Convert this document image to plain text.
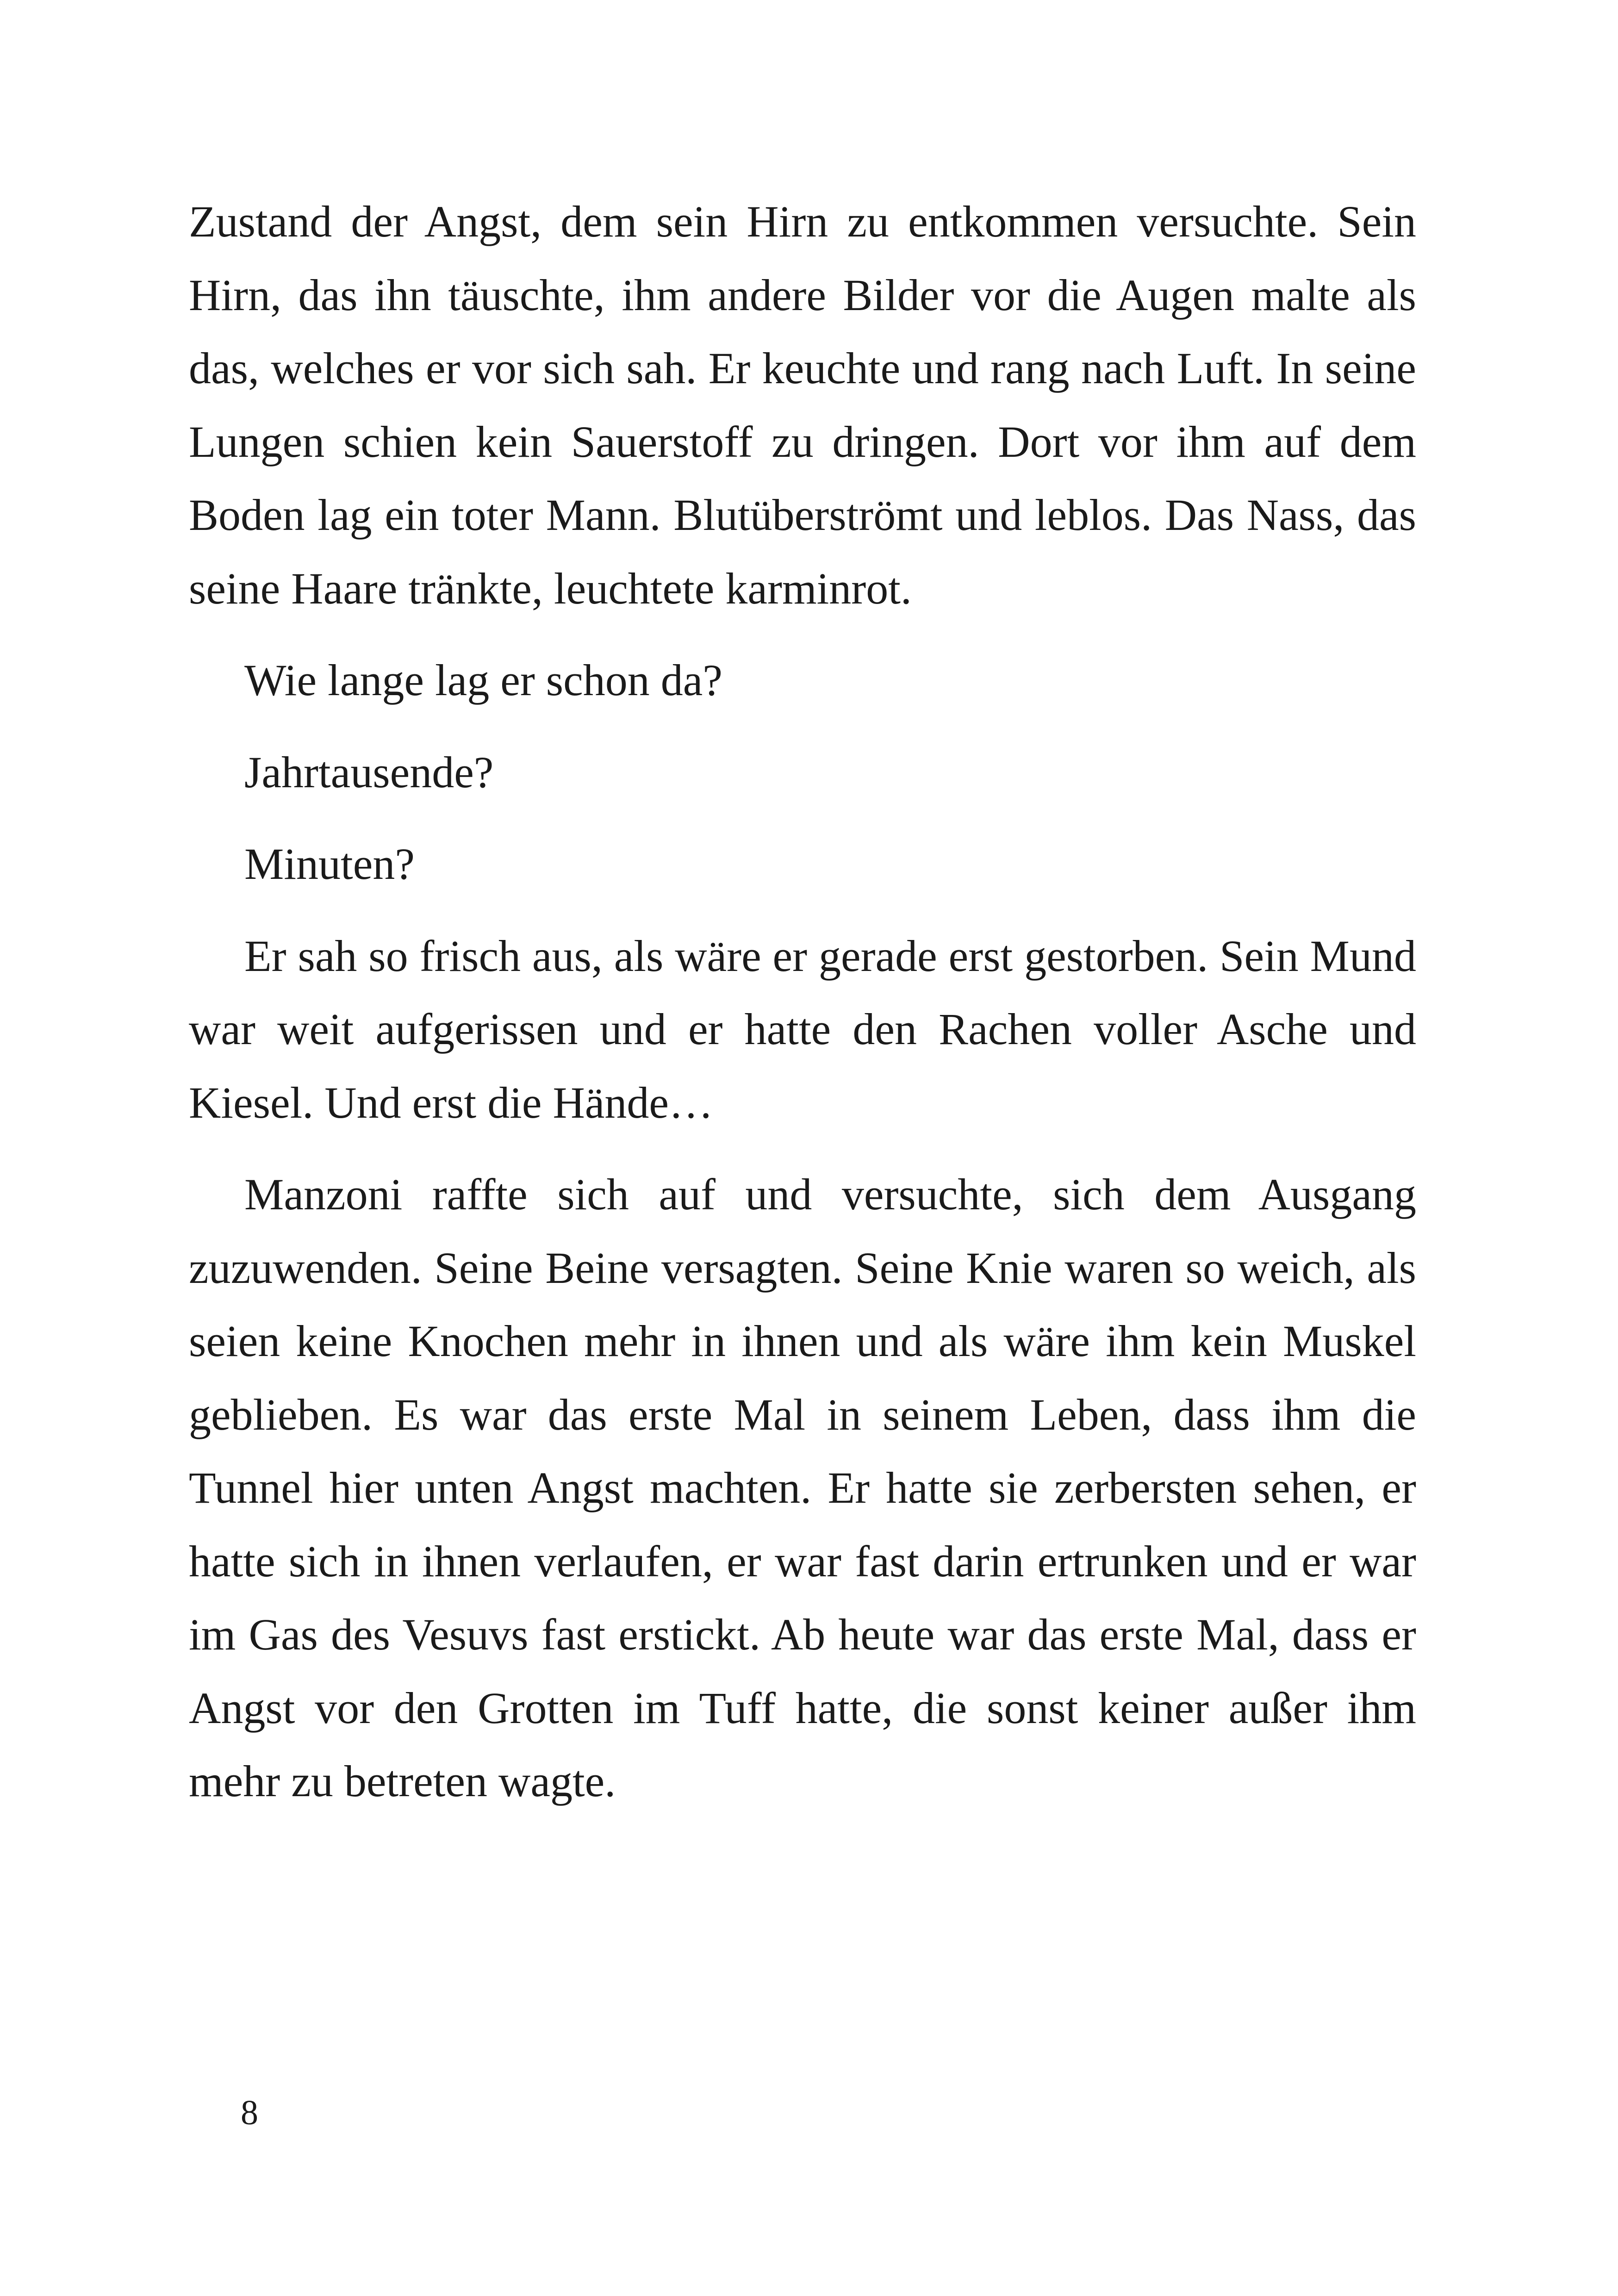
Zustand der Angst, dem sein Hirn zu entkommen versuchte. Sein Hirn, das ihn täuschte, ihm andere Bilder vor die Augen malte als das, welches er vor sich sah. Er keuchte und rang nach Luft. In seine Lungen schien kein Sauerstoff zu dringen. Dort vor ihm auf dem Boden lag ein toter Mann. Blutüberströmt und leblos. Das Nass, das seine Haare tränkte, leuchtete karminrot.

Wie lange lag er schon da?

Jahrtausende?

Minuten?

Er sah so frisch aus, als wäre er gerade erst gestorben. Sein Mund war weit aufgerissen und er hatte den Rachen voller Asche und Kiesel. Und erst die Hände…

Manzoni raffte sich auf und versuchte, sich dem Ausgang zuzuwenden. Seine Beine versagten. Seine Knie waren so weich, als seien keine Knochen mehr in ihnen und als wäre ihm kein Muskel geblieben. Es war das erste Mal in seinem Leben, dass ihm die Tunnel hier unten Angst machten. Er hatte sie zerbersten sehen, er hatte sich in ihnen verlaufen, er war fast darin ertrunken und er war im Gas des Vesuvs fast erstickt. Ab heute war das erste Mal, dass er Angst vor den Grotten im Tuff hatte, die sonst keiner außer ihm mehr zu betreten wagte.

8
